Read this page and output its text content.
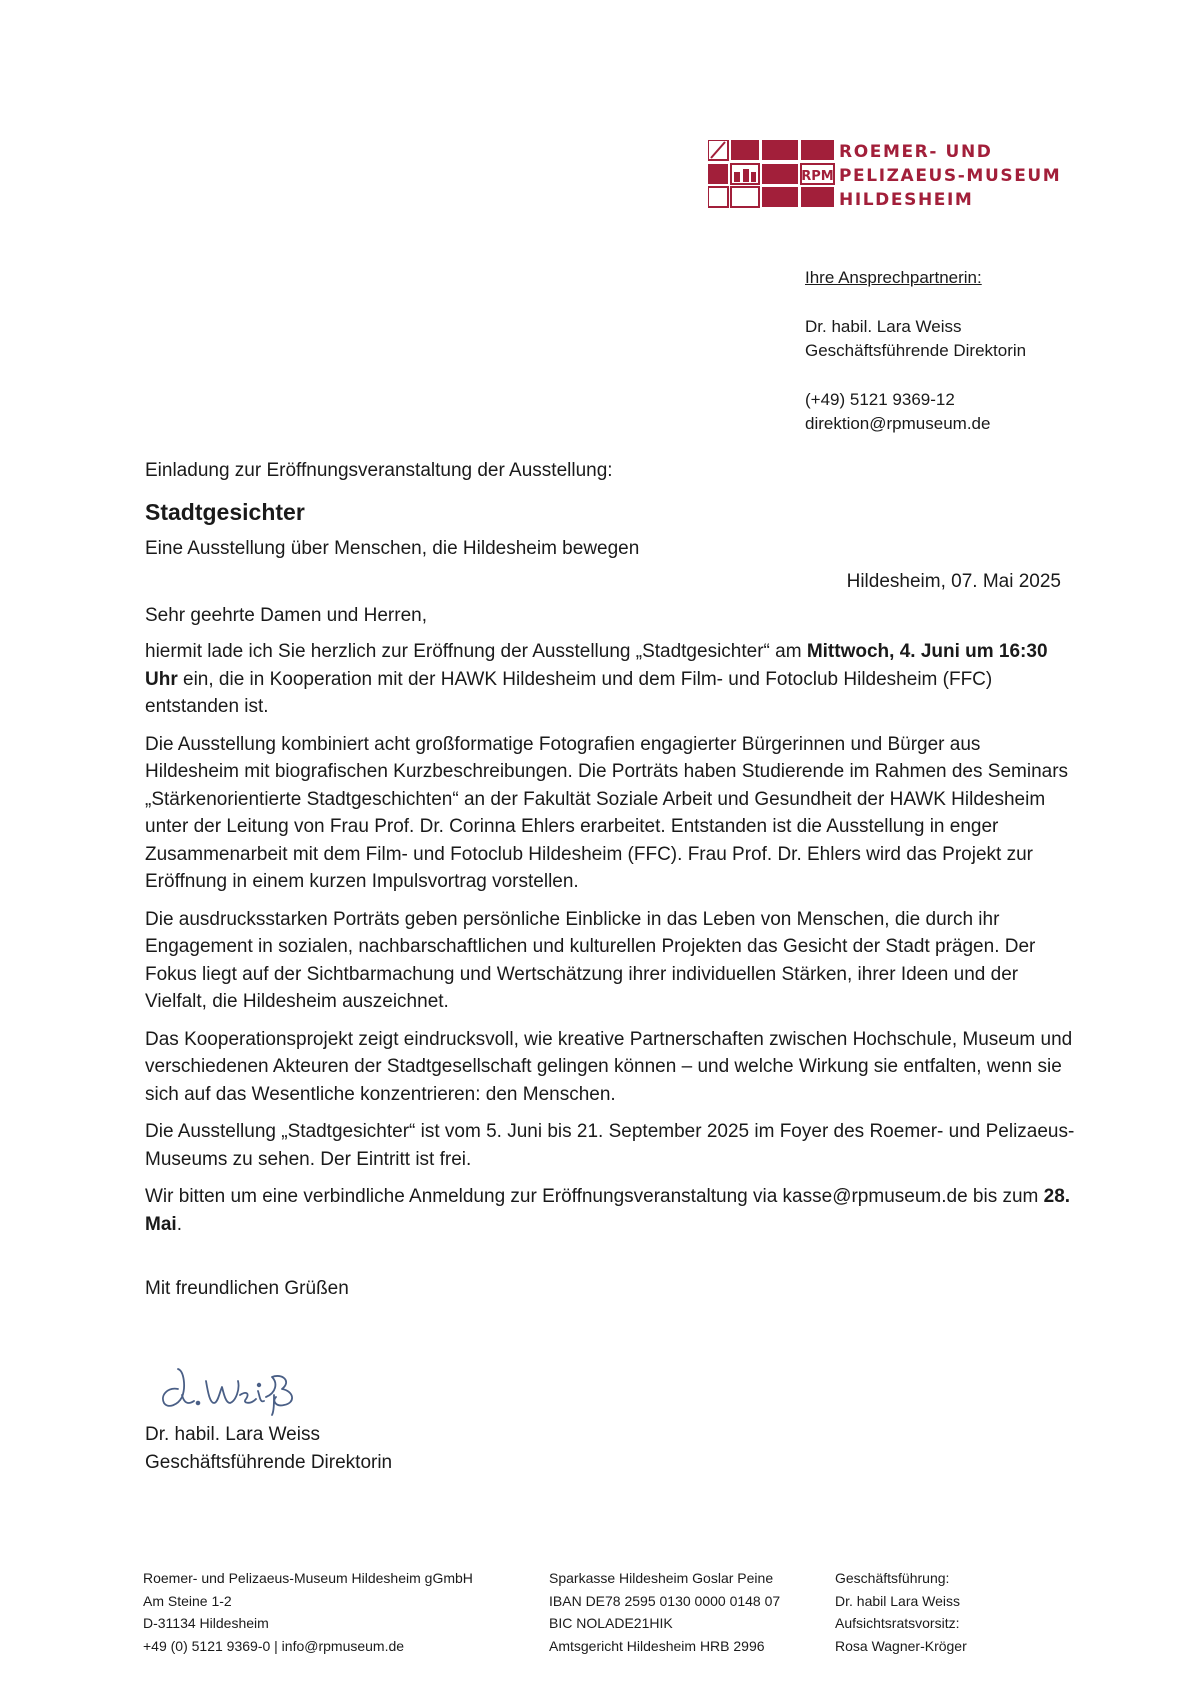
RPM
ROEMER- UND
PELIZAEUS-MUSEUM
HILDESHEIM
Ihre Ansprechpartnerin:
Dr. habil. Lara Weiss
Geschäftsführende Direktorin
(+49) 5121 9369-12
direktion@rpmuseum.de
Einladung zur Eröffnungsveranstaltung der Ausstellung:
Stadtgesichter
Eine Ausstellung über Menschen, die Hildesheim bewegen
Hildesheim, 07. Mai 2025
Sehr geehrte Damen und Herren,

hiermit lade ich Sie herzlich zur Eröffnung der Ausstellung „Stadtgesichter“ am Mittwoch, 4. Juni um 16:30 Uhr ein, die in Kooperation mit der HAWK Hildesheim und dem Film- und Fotoclub Hildesheim (FFC) entstanden ist.

Die Ausstellung kombiniert acht großformatige Fotografien engagierter Bürgerinnen und Bürger aus Hildesheim mit biografischen Kurzbeschreibungen. Die Porträts haben Studierende im Rahmen des Seminars „Stärkenorientierte Stadtgeschichten“ an der Fakultät Soziale Arbeit und Gesundheit der HAWK Hildesheim unter der Leitung von Frau Prof. Dr. Corinna Ehlers erarbeitet. Entstanden ist die Ausstellung in enger Zusammenarbeit mit dem Film- und Fotoclub Hildesheim (FFC). Frau Prof. Dr. Ehlers wird das Projekt zur Eröffnung in einem kurzen Impulsvortrag vorstellen.

Die ausdrucksstarken Porträts geben persönliche Einblicke in das Leben von Menschen, die durch ihr Engagement in sozialen, nachbarschaftlichen und kulturellen Projekten das Gesicht der Stadt prägen. Der Fokus liegt auf der Sichtbarmachung und Wertschätzung ihrer individuellen Stärken, ihrer Ideen und der Vielfalt, die Hildesheim auszeichnet.

Das Kooperationsprojekt zeigt eindrucksvoll, wie kreative Partnerschaften zwischen Hochschule, Museum und verschiedenen Akteuren der Stadtgesellschaft gelingen können – und welche Wirkung sie entfalten, wenn sie sich auf das Wesentliche konzentrieren: den Menschen.

Die Ausstellung „Stadtgesichter“ ist vom 5. Juni bis 21. September 2025 im Foyer des Roemer- und Pelizaeus-Museums zu sehen. Der Eintritt ist frei.

Wir bitten um eine verbindliche Anmeldung zur Eröffnungsveranstaltung via kasse@rpmuseum.de bis zum 28. Mai.

Mit freundlichen Grüßen
Dr. habil. Lara Weiss
Geschäftsführende Direktorin
Roemer- und Pelizaeus-Museum Hildesheim gGmbH
Am Steine 1-2
D-31134 Hildesheim
+49 (0) 5121 9369-0 | info@rpmuseum.de
Sparkasse Hildesheim Goslar Peine
IBAN DE78 2595 0130 0000 0148 07
BIC NOLADE21HIK
Amtsgericht Hildesheim HRB 2996
Geschäftsführung:
Dr. habil Lara Weiss
Aufsichtsratsvorsitz:
Rosa Wagner-Kröger
